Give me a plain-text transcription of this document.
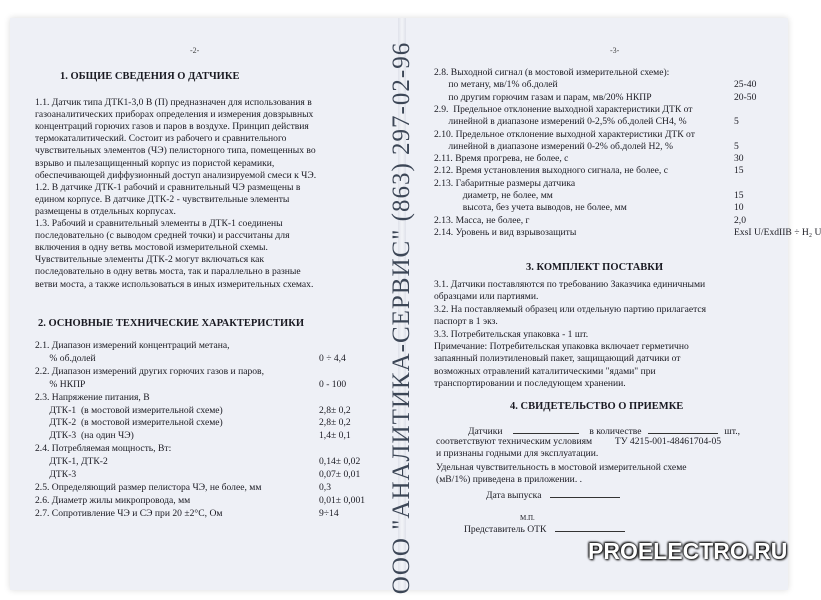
-2-
1. ОБЩИЕ СВЕДЕНИЯ О ДАТЧИКЕ
1.1. Датчик типа ДТК1-3,0 В (П) предназначен для использования в
газоаналитических приборах определения и измерения довзрывных
концентраций горючих газов и паров в воздухе. Принцип действия
термокаталитический. Состоит из рабочего и сравнительного
чувствительных элементов (ЧЭ) пелисторного типа, помещенных во
взрыво и пылезащищенный корпус из пористой керамики,
обеспечивающей диффузионный доступ анализируемой смеси к ЧЭ.
1.2. В датчике ДТК-1 рабочий и сравнительный ЧЭ размещены в
едином корпусе. В датчике ДТК-2 - чувствительные элементы
размещены в отдельных корпусах.
1.3. Рабочий и сравнительный элементы в ДТК-1 соединены
последовательно (с выводом средней точки) и рассчитаны для
включения в одну ветвь мостовой измерительной схемы.
Чувствительные элементы ДТК-2 могут включаться как
последовательно в одну ветвь моста, так и параллельно в разные
ветви моста, а также использоваться в иных измерительных схемах.
2. ОСНОВНЫЕ ТЕХНИЧЕСКИЕ ХАРАКТЕРИСТИКИ
2.1. Диапазон измерений концентраций метана,
% об.долей	0 ÷ 4,4
2.2. Диапазон измерений других горючих газов и паров,
% НКПР	0 - 100
2.3. Напряжение питания, В
ДТК-1  (в мостовой измерительной схеме)	2,8± 0,2
ДТК-2  (в мостовой измерительной схеме)	2,8± 0,2
ДТК-3  (на один ЧЭ)	1,4± 0,1
2.4. Потребляемая мощность, Вт:
ДТК-1, ДТК-2	0,14± 0,02
ДТК-3	0,07± 0,01
2.5. Определяющий размер пелистора ЧЭ, не более, мм	0,3
2.6. Диаметр жилы микропровода, мм	0,01± 0,001
2.7. Сопротивление ЧЭ и СЭ при 20 ±2°С, Ом	9÷14 ООО "АНАЛИТИКА-СЕРВИС" (863) 297-02-96	-3-
2.8. Выходной сигнал (в мостовой измерительной схеме):
по метану, мв/1% об.долей	25-40
по другим горючим газам и парам, мв/20% НКПР	20-50
2.9.  Предельное отклонение выходной характеристики ДТК от
линейной в диапазоне измерений 0-2,5% об.долей СН4, %	5
2.10. Предельное отклонение выходной характеристики ДТК от
линейной в диапазоне измерений 0-2% об.долей Н2, %	5
2.11. Время прогрева, не более, с	30
2.12. Время установления выходного сигнала, не более, с	15
2.13. Габаритные размеры датчика
диаметр, не более, мм	15
высота, без учета выводов, не более, мм	10
2.13. Масса, не более, г	2,0
2.14. Уровень и вид взрывозащиты	ExsI U/ExdIIB ÷ H₂ U
3. КОМПЛЕКТ ПОСТАВКИ
3.1. Датчики поставляются по требованию Заказчика единичными
образцами или партиями.
3.2. На поставляемый образец или отдельную партию прилагается
паспорт в 1 экз.
3.3. Потребительская упаковка - 1 шт.
Примечание: Потребительская упаковка включает герметично
запаянный полиэтиленовый пакет, защищающий датчики от
возможных отравлений каталитическими "ядами" при
транспортировании и последующем хранении.
4. СВИДЕТЕЛЬСТВО О ПРИЕМКЕ
Датчики	в количестве	шт.,
соответствуют техническим условиям ТУ 4215-001-48461704-05
и признаны годными для эксплуатации.
Удельная чувствительность в мостовой измерительной схеме
(мВ/1%) приведена в приложении. .
Дата выпуска
М.П.
Представитель ОТК
PROELECTRO.RU
